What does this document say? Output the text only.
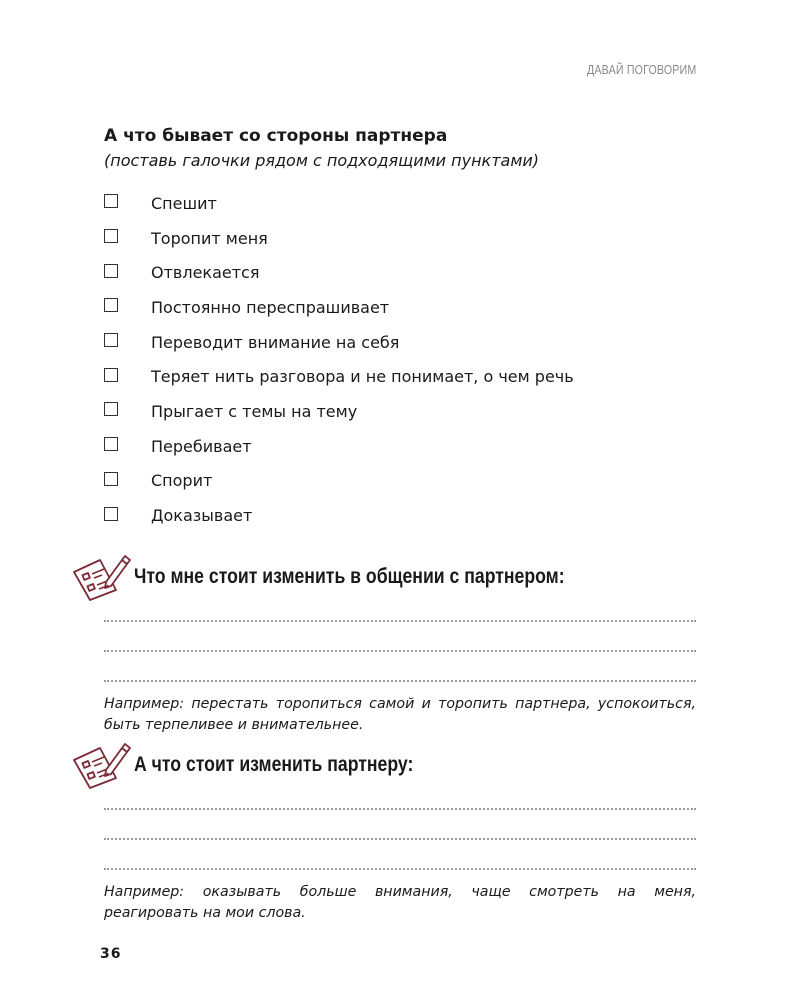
ДАВАЙ ПОГОВОРИМ
А что бывает со стороны партнера

(поставь галочки рядом с подходящими пунктами)

Спешит
Торопит меня
Отвлекается
Постоянно переспрашивает
Переводит внимание на себя
Теряет нить разговора и не понимает, о чем речь
Прыгает с темы на тему
Перебивает
Спорит
Доказывает
Что мне стоит изменить в общении с партнером:
Например: перестать торопиться самой и торопить партнера, успокоиться, быть терпеливее и внимательнее.
А что стоит изменить партнеру:
Например: оказывать больше внимания, чаще смотреть на меня, реагировать на мои слова.
36
